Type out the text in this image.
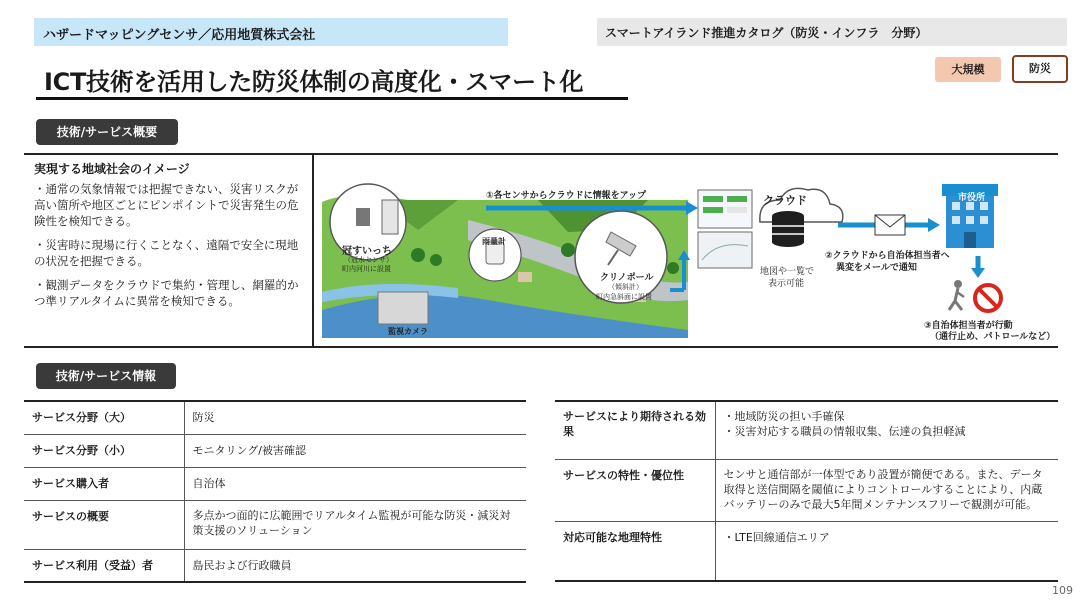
ハザードマッピングセンサ／応用地質株式会社	スマートアイランド推進カタログ（防災・インフラ　分野）
ICT技術を活用した防災体制の高度化・スマート化	大規模	防災
技術/サービス概要
実現する地域社会のイメージ
・通常の気象情報では把握できない、災害リスクが高い箇所や地区ごとにピンポイントで災害発生の危険性を検知できる。
・災害時に現場に行くことなく、遠隔で安全に現地の状況を把握できる。
・観測データをクラウドで集約・管理し、網羅的かつ準リアルタイムに異常を検知できる。
①各センサからクラウドに情報をアップ	クラウド
地図や一覧で
表示可能
②クラウドから自治体担当者へ
異変をメールで通知
市役所
③自治体担当者が行動
（通行止め、パトロールなど）
冠すいっち
（冠水センサ）
町内河川に設置
雨量計
クリノポール
（傾斜計）
町内急斜面に設置
監視カメラ
技術/サービス情報
サービス分野（大）	防災
サービス分野（小）	モニタリング/被害確認
サービス購入者	自治体
サービスの概要	多点かつ面的に広範囲でリアルタイム監視が可能な防災・減災対策支援のソリューション
サービス利用（受益）者	島民および行政職員
サービスにより期待される効果	・地域防災の担い手確保
・災害対応する職員の情報収集、伝達の負担軽減
サービスの特性・優位性	センサと通信部が一体型であり設置が簡便である。また、データ取得と送信間隔を閾値によりコントロールすることにより、内蔵バッテリーのみで最大5年間メンテナンスフリーで観測が可能。
対応可能な地理特性	・LTE回線通信エリア
109
